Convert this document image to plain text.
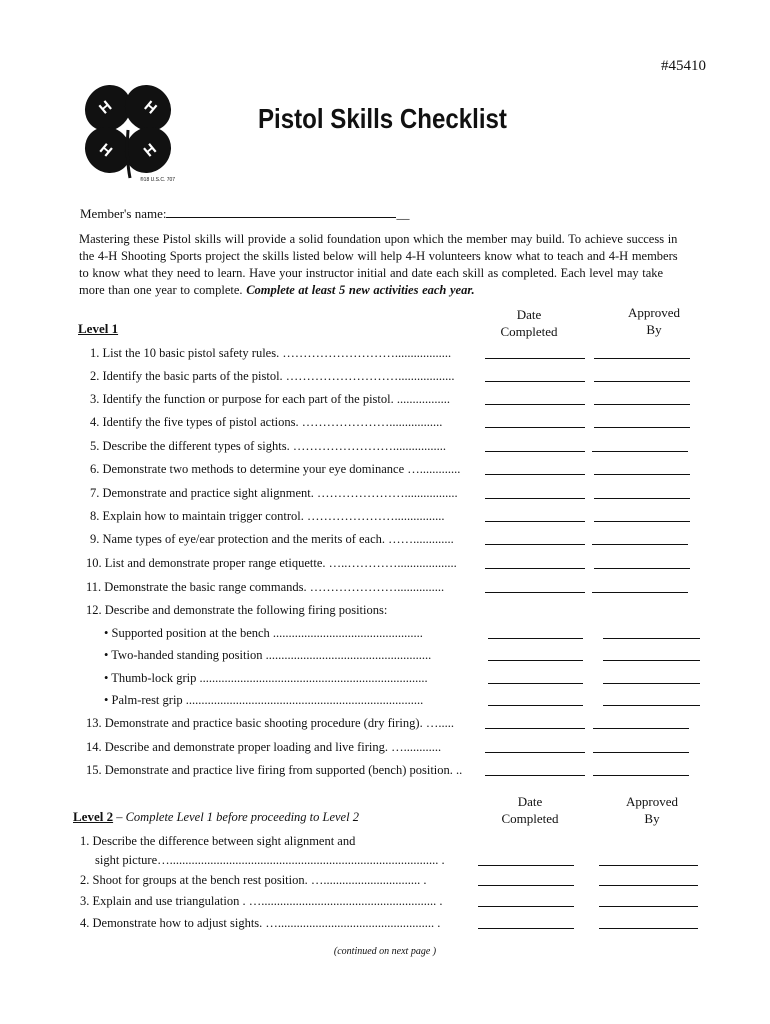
#45410
H H
H H
®18 U.S.C. 707
Pistol Skills Checklist
Member's name:	__
Mastering these Pistol skills will provide a solid foundation upon which the member may build. To achieve success in the 4-H Shooting Sports project the skills listed below will help 4-H volunteers know what to teach and 4-H members to know what they need to learn. Have your instructor initial and date each skill as completed. Each level may take more than one year to complete. Complete at least 5 new activities each year.
Date
Completed
Approved
By
Level 1
1. List the 10 basic pistol safety rules. ………………………..................
2. Identify the basic parts of the pistol. ………………………..................
3. Identify the function or purpose for each part of the pistol. .................
4. Identify the five types of pistol actions. ………………….................
5. Describe the different types of sights. …………………….................
6. Demonstrate two methods to determine your eye dominance ….............
7. Demonstrate and practice sight alignment. ………………….................
8. Explain how to maintain trigger control. …………………................
9. Name types of eye/ear protection and the merits of each. …….............
10. List and demonstrate proper range etiquette. …..…………...................
11. Demonstrate the basic range commands. …………………...............
12. Describe and demonstrate the following firing positions:
• Supported position at the bench ................................................
• Two-handed standing position .....................................................
• Thumb-lock grip .........................................................................
• Palm-rest grip ............................................................................
13. Demonstrate and practice basic shooting procedure (dry firing). ….....
14. Describe and demonstrate proper loading and live firing. …............
15. Demonstrate and practice live firing from supported (bench) position. ..
Date
Completed
Approved
By
Level 2 – Complete Level 1 before proceeding to Level 2
1. Describe the difference between sight alignment and
sight picture…...................................................................................... .
2. Shoot for groups at the bench rest position. …............................... .
3. Explain and use triangulation . …........................................................ .
4. Demonstrate how to adjust sights. ….................................................. .
(continued on next page )
